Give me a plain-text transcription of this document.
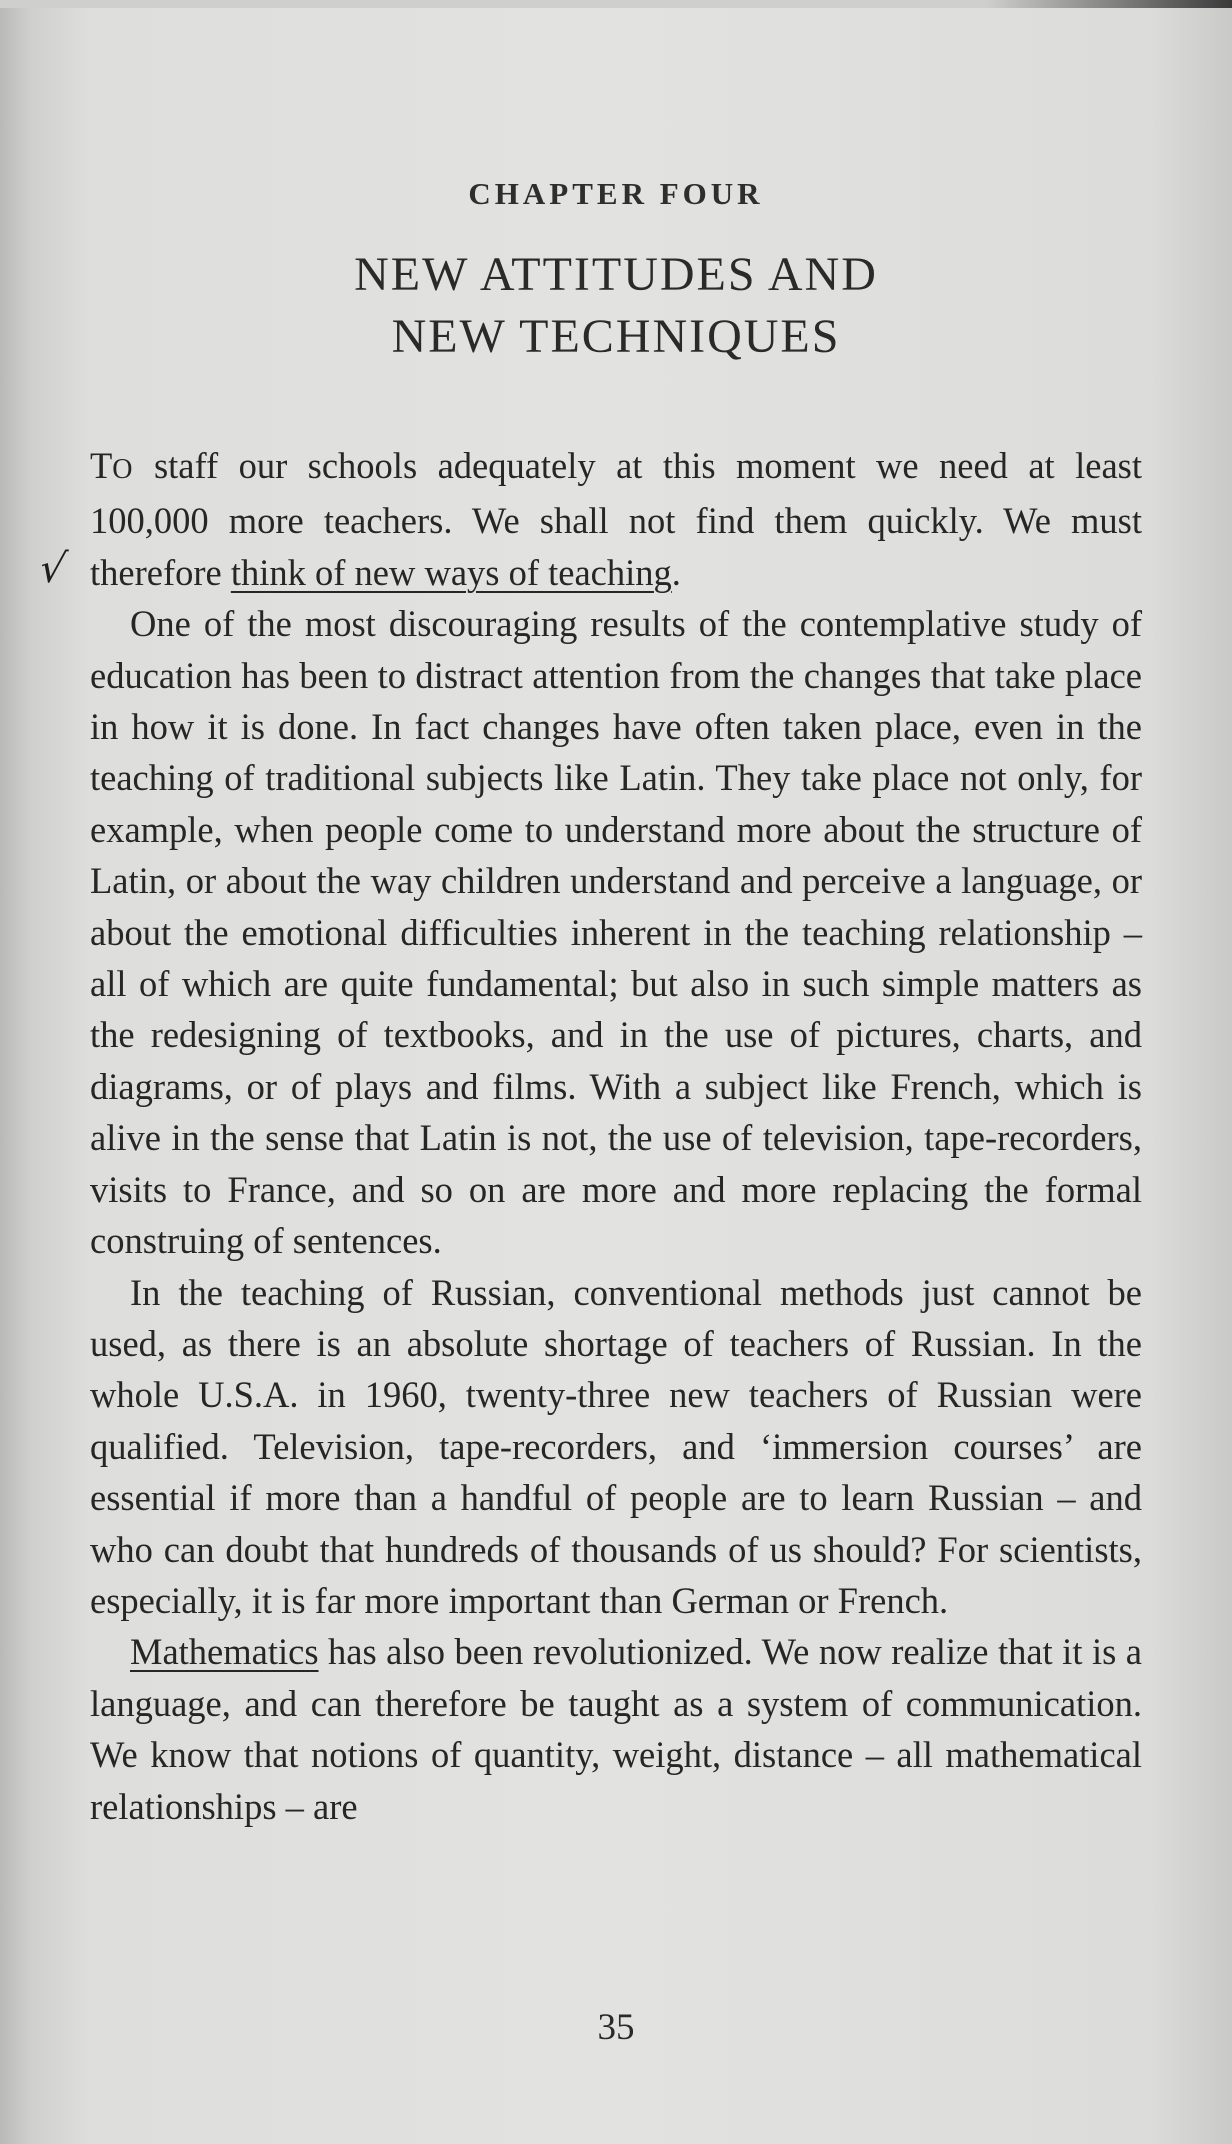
CHAPTER FOUR
NEW ATTITUDES AND
NEW TECHNIQUES
√

TO staff our schools adequately at this moment we need at least 100,000 more teachers. We shall not find them quickly. We must therefore think of new ways of teaching.

One of the most discouraging results of the contemplative study of education has been to distract attention from the changes that take place in how it is done. In fact changes have often taken place, even in the teaching of traditional subjects like Latin. They take place not only, for example, when people come to understand more about the structure of Latin, or about the way children understand and perceive a language, or about the emotional difficulties inherent in the teaching relationship – all of which are quite fundamental; but also in such simple matters as the redesigning of textbooks, and in the use of pictures, charts, and diagrams, or of plays and films. With a subject like French, which is alive in the sense that Latin is not, the use of television, tape-recorders, visits to France, and so on are more and more replacing the formal construing of sentences.

In the teaching of Russian, conventional methods just cannot be used, as there is an absolute shortage of teachers of Russian. In the whole U.S.A. in 1960, twenty-three new teachers of Russian were qualified. Television, tape-recorders, and ‘immersion courses’ are essential if more than a handful of people are to learn Russian – and who can doubt that hundreds of thousands of us should? For scientists, especially, it is far more important than German or French.

Mathematics has also been revolutionized. We now realize that it is a language, and can therefore be taught as a system of communication. We know that notions of quantity, weight, distance – all mathematical relationships – are

35
